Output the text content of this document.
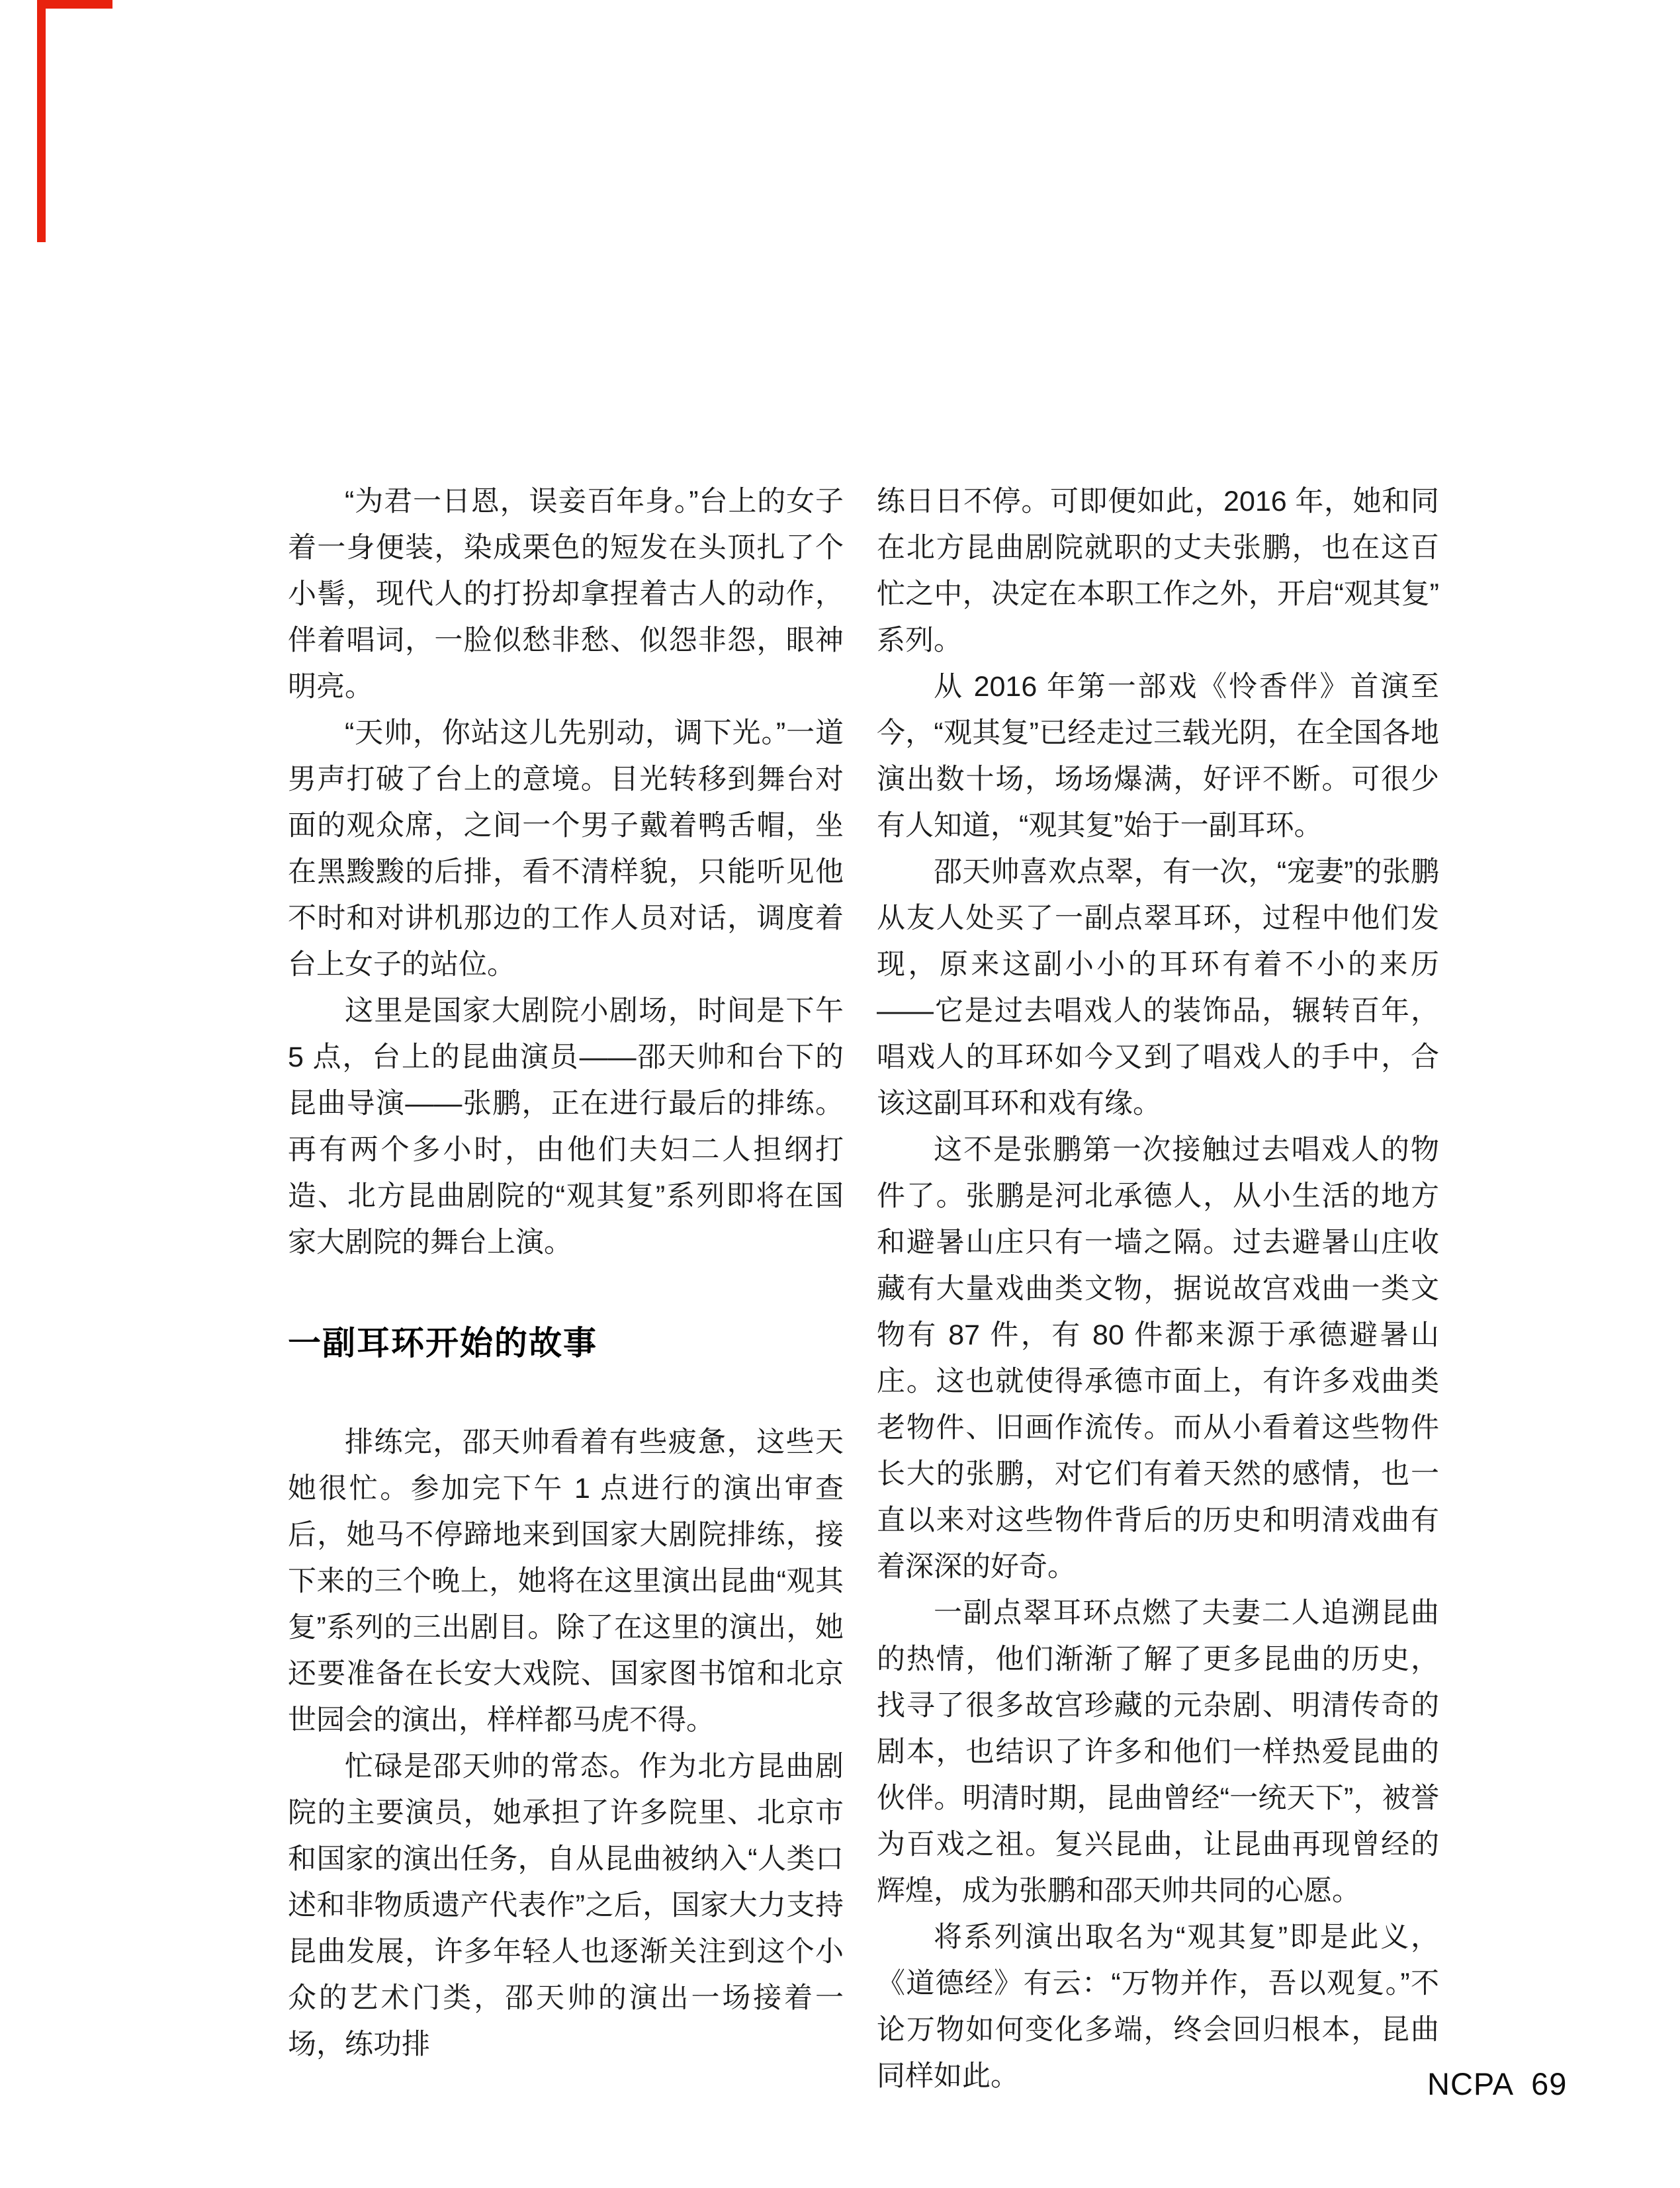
“为君一日恩，误妾百年身。”台上的女子着一身便装，染成栗色的短发在头顶扎了个小髻，现代人的打扮却拿捏着古人的动作，伴着唱词，一脸似愁非愁、似怨非怨，眼神明亮。

“天帅，你站这儿先别动，调下光。”一道男声打破了台上的意境。目光转移到舞台对面的观众席，之间一个男子戴着鸭舌帽，坐在黑黢黢的后排，看不清样貌，只能听见他不时和对讲机那边的工作人员对话，调度着台上女子的站位。

这里是国家大剧院小剧场，时间是下午 5 点，台上的昆曲演员——邵天帅和台下的昆曲导演——张鹏，正在进行最后的排练。再有两个多小时，由他们夫妇二人担纲打造、北方昆曲剧院的“观其复”系列即将在国家大剧院的舞台上演。

一副耳环开始的故事

排练完，邵天帅看着有些疲惫，这些天她很忙。参加完下午 1 点进行的演出审查后，她马不停蹄地来到国家大剧院排练，接下来的三个晚上，她将在这里演出昆曲“观其复”系列的三出剧目。除了在这里的演出，她还要准备在长安大戏院、国家图书馆和北京世园会的演出，样样都马虎不得。

忙碌是邵天帅的常态。作为北方昆曲剧院的主要演员，她承担了许多院里、北京市和国家的演出任务，自从昆曲被纳入“人类口述和非物质遗产代表作”之后，国家大力支持昆曲发展，许多年轻人也逐渐关注到这个小众的艺术门类，邵天帅的演出一场接着一场，练功排

练日日不停。可即便如此，2016 年，她和同在北方昆曲剧院就职的丈夫张鹏，也在这百忙之中，决定在本职工作之外，开启“观其复”系列。

从 2016 年第一部戏《怜香伴》首演至今，“观其复”已经走过三载光阴，在全国各地演出数十场，场场爆满，好评不断。可很少有人知道，“观其复”始于一副耳环。

邵天帅喜欢点翠，有一次，“宠妻”的张鹏从友人处买了一副点翠耳环，过程中他们发现，原来这副小小的耳环有着不小的来历——它是过去唱戏人的装饰品，辗转百年，唱戏人的耳环如今又到了唱戏人的手中，合该这副耳环和戏有缘。

这不是张鹏第一次接触过去唱戏人的物件了。张鹏是河北承德人，从小生活的地方和避暑山庄只有一墙之隔。过去避暑山庄收藏有大量戏曲类文物，据说故宫戏曲一类文物有 87 件，有 80 件都来源于承德避暑山庄。这也就使得承德市面上，有许多戏曲类老物件、旧画作流传。而从小看着这些物件长大的张鹏，对它们有着天然的感情，也一直以来对这些物件背后的历史和明清戏曲有着深深的好奇。

一副点翠耳环点燃了夫妻二人追溯昆曲的热情，他们渐渐了解了更多昆曲的历史，找寻了很多故宫珍藏的元杂剧、明清传奇的剧本，也结识了许多和他们一样热爱昆曲的伙伴。明清时期，昆曲曾经“一统天下”，被誉为百戏之祖。复兴昆曲，让昆曲再现曾经的辉煌，成为张鹏和邵天帅共同的心愿。

将系列演出取名为“观其复”即是此义，《道德经》有云：“万物并作，吾以观复。”不论万物如何变化多端，终会回归根本，昆曲同样如此。	NCPA 69
